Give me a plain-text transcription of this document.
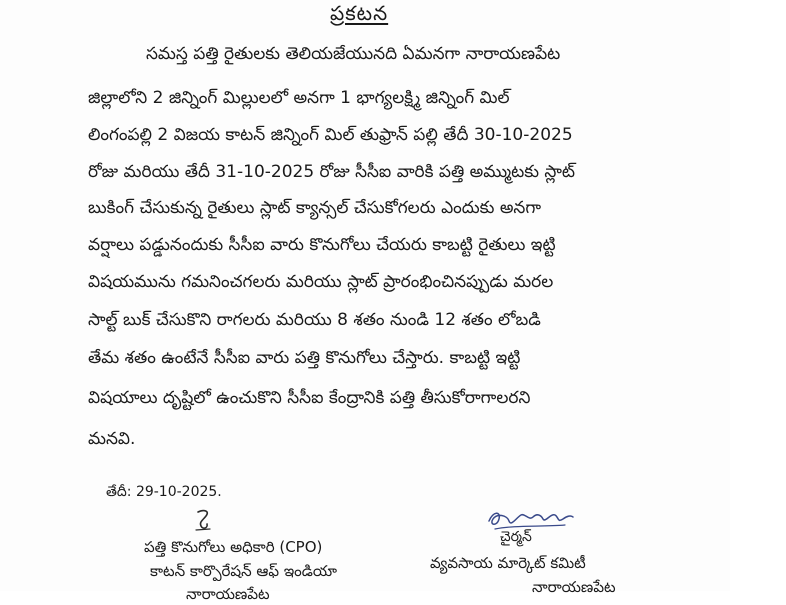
ప్రకటన

సమస్త పత్తి రైతులకు తెలియజేయునది ఏమనగా నారాయణపేట

జిల్లాలోని 2 జిన్నింగ్ మిల్లులలో అనగా 1 భాగ్యలక్ష్మి జిన్నింగ్ మిల్

లింగంపల్లి 2 విజయ కాటన్ జిన్నింగ్ మిల్ తుఫ్రాన్ పల్లి తేదీ 30-10-2025

రోజు మరియు తేదీ 31-10-2025 రోజు సీసీఐ వారికి పత్తి అమ్ముటకు స్లాట్

బుకింగ్ చేసుకున్న రైతులు స్లాట్ క్యాన్సల్ చేసుకోగలరు ఎందుకు అనగా

వర్షాలు పడ్డునందుకు సీసీఐ వారు కొనుగోలు చేయరు కాబట్టి రైతులు ఇట్టి

విషయమును గమనించగలరు మరియు స్లాట్ ప్రారంభించినప్పుడు మరల

సాల్ట్ బుక్ చేసుకొని రాగలరు మరియు 8 శతం నుండి 12 శతం లోబడి

తేమ శతం ఉంటేనే సీసీఐ వారు పత్తి కొనుగోలు చేస్తారు. కాబట్టి ఇట్టి

విషయాలు దృష్టిలో ఉంచుకొని సీసీఐ కేంద్రానికి పత్తి తీసుకోరాగాలరని

మనవి.

తేదీ: 29-10-2025.

పత్తి కొనుగోలు అధికారి (CPO)

కాటన్ కార్పొరేషన్ ఆఫ్ ఇండియా

నారాయణపేట

చైర్మన్

వ్యవసాయ మార్కెట్ కమిటీ

నారాయణపేట
